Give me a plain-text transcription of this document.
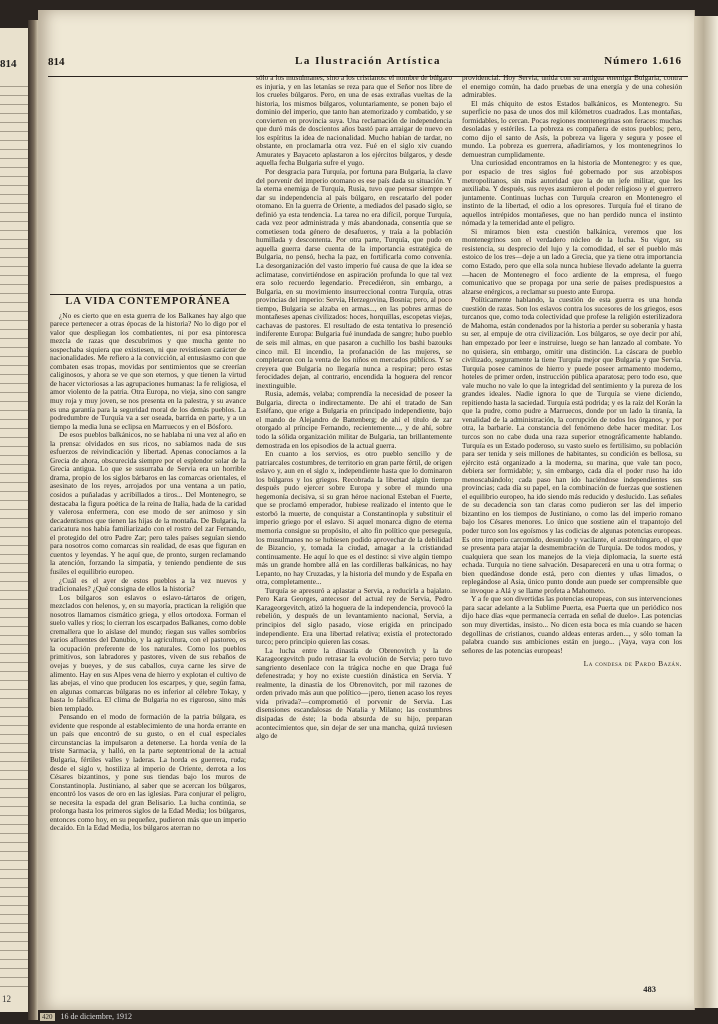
814
12
814	La Ilustración Artística	Número 1.616
LA VIDA CONTEMPORÁNEA

¿No es cierto que en esta guerra de los Balkanes hay algo que parece pertenecer a otras épocas de la historia? No lo digo por el valor que despliegan los combatientes, ni por esa pintoresca mezcla de razas que descubrimos y que mucha gente no sospechaba siquiera que existiesen, ni que revistiesen carácter de nacionalidades. Me refiero a la convicción, al entusiasmo con que combaten esas tropas, movidas por sentimientos que se creerían caliginosos, y ahora se ve que son eternos, y que tienen la virtud de hacer victoriosas a las agrupaciones humanas: la fe religiosa, el amor violento de la patria. Otra Europa, no vieja, sino con sangre muy roja y muy joven, se nos presenta en la palestra, y su avance es una garantía para la seguridad moral de los demás pueblos. La podredumbre de Turquía va a ser oseada, barrida en parte, y a un tiempo la media luna se eclipsa en Marruecos y en el Bósforo.

De esos pueblos balkánicos, no se hablaba ni una vez al año en la prensa: olvidados en sus ricos, no sabíamos nada de sus esfuerzos de reivindicación y libertad. Apenas conocíamos a la Grecia de ahora, obscurecida siempre por el esplendor solar de la Grecia antigua. Lo que se susurraba de Servia era un horrible drama, propio de los siglos bárbaros en las comarcas orientales, el asesinato de los reyes, arrojados por una ventana a un patio, cosidos a puñaladas y acribillados a tiros... Del Montenegro, se destacaba la figura poética de la reina de Italia, hada de la caridad y valerosa enfermera, con ese modo de ser animoso y sin decadentismos que tienen las hijas de la montaña. De Bulgaria, la caricatura nos había familiarizado con el rostro del zar Fernando, el protegido del otro Padre Zar; pero tales países seguían siendo para nosotros como comarcas sin realidad, de esas que figuran en cuentos y leyendas. Y he aquí que, de pronto, surgen reclamando la atención, forzando la simpatía, y teniendo pendiente de sus fusiles el equilibrio europeo.

¿Cuál es el ayer de estos pueblos a la vez nuevos y tradicionales? ¿Qué consigna de ellos la historia?

Los búlgaros son eslavos o eslavo-tártaros de origen, mezclados con helenos, y, en su mayoría, practican la religión que nosotros llamamos cismático griega, y ellos ortodoxa. Forman el suelo valles y ríos; lo cierran los escarpados Balkanes, como doble cremallera que lo aíslase del mundo; riegan sus valles sombríos varios afluentes del Danubio, y la agricultura, con el pastoreo, es la ocupación preferente de los naturales. Como los pueblos primitivos, son labradores y pastores, viven de sus rebaños de ovejas y bueyes, y de sus caballos, cuya carne les sirve de alimento. Hay en sus Alpes vena de hierro y explotan el cultivo de las abejas, el vino que producen los escarpes, y que, según fama, en algunas comarcas búlgaras no es inferior al célebre Tokay, y hasta lo falsifica. El clima de Bulgaria no es riguroso, sino más bien templado.

Pensando en el modo de formación de la patria búlgara, es evidente que responde al establecimiento de una horda errante en un país que encontró de su gusto, o en el cual especiales circunstancias la impulsaron a detenerse. La horda venía de la triste Sarmacia, y halló, en la parte septentrional de la actual Bulgaria, fértiles valles y laderas. La horda es guerrera, ruda; desde el siglo v, hostiliza al imperio de Oriente, derrota a los Césares bizantinos, y pone sus tiendas bajo los muros de Constantinopla. Justiniano, al saber que se acercan los búlgaros, encontró los vasos de oro en las iglesias. Para conjurar el peligro, se necesita la espada del gran Belisario. La lucha continúa, se prolonga hasta los primeros siglos de la Edad Media; los búlgaros, entonces como hoy, en su pequeñez, pudieron más que un imperio decaído. En la Edad Media, los búlgaros aterran no

sólo a los musulmanes, sino a los cristianos: el nombre de búlgaro es injuria, y en las letanías se reza para que el Señor nos libre de los crueles búlgaros. Pero, en una de esas extrañas vueltas de la historia, los mismos búlgaros, voluntariamente, se ponen bajo el dominio del imperio, que tanto han atemorizado y combatido, y se convierten en provincia suya. Una reclamación de independencia que duró más de doscientos años bastó para arraigar de nuevo en los espíritus la idea de nacionalidad. Mucho habían de tardar, no obstante, en proclamarla otra vez. Fué en el siglo xiv cuando Amurates y Bayaceto aplastaron a los ejércitos búlgaros, y desde aquella fecha Bulgaria sufre el yugo.

Por desgracia para Turquía, por fortuna para Bulgaria, la clave del porvenir del imperio otomano es ese país dada su situación. Y la eterna enemiga de Turquía, Rusia, tuvo que pensar siempre en dar su independencia al país búlgaro, en rescatarlo del poder otomano. En la guerra de Oriente, a mediados del pasado siglo, se definió ya esta tendencia. La tarea no era difícil, porque Turquía, cada vez peor administrada y más abandonada, consentía que se cometiesen toda género de desafueros, y traía a la población humillada y descontenta. Por otra parte, Turquía, que pudo en aquella guerra darse cuenta de la importancia estratégica de Bulgaria, no pensó, hecha la paz, en fortificarla como convenía. La desorganización del vasto imperio fué causa de que la idea se aclimatase, convirtiéndose en aspiración profunda lo que tal vez era solo recuerdo legendario. Precediéron, sin embargo, a Bulgaria, en su movimiento insurreccional contra Turquía, otras provincias del imperio: Servia, Herzegovina, Bosnia; pero, al poco tiempo, Bulgaria se alzaba en armas..., en las pobres armas de montañeses apenas civilizados: hoces, horquillas, escopetas viejas, cachavas de pastores. El resultado de esta tentativa lo presenció indiferente Europa: Bulgaria fué inundada de sangre; hubo pueblo de seis mil almas, en que pasaron a cuchillo los bashi bazouks cinco mil. El incendio, la profanación de las mujeres, se completaron con la venta de los niños en mercados públicos. Y se creyera que Bulgaria no llegaría nunca a respirar; pero estas ferocidades dejan, al contrario, encendida la hoguera del rencor inextinguible.

Rusia, además, velaba; comprendía la necesidad de poseer la Bulgaria, directa o indirectamente. De ahí el tratado de San Estéfano, que erige a Bulgaria en principado independiente, bajo el mando de Alejandro de Battenberg; de ahí el título de zar otorgado al príncipe Fernando, recientemente..., y de ahí, sobre todo la sólida organización militar de Bulgaria, tan brillantemente demostrada en los episodios de la actual guerra.

En cuanto a los servios, es otro pueblo sencillo y de patriarcales costumbres, de territorio en gran parte fértil, de origen eslavo y, aun en el siglo x, independiente hasta que lo dominaron los búlgaros y los griegos. Recobrada la libertad algún tiempo después pudo ejercer sobre Europa y sobre el mundo una hegemonía decisiva, si su gran héroe nacional Esteban el Fuerte, que se proclamó emperador, hubiese realizado el intento que le estorbó la muerte, de conquistar a Constantinopla y substituir el imperio griego por el eslavo. Si aquel monarca digno de eterna memoria consigue su propósito, el alto fin político que perseguía, los musulmanes no se hubiesen podido aprovechar de la debilidad de Bizancio, y, tomada la ciudad, amagar a la cristiandad continuamente. He aquí lo que es el destino: si vive algún tiempo más un grande hombre allá en las cordilleras balkánicas, no hay Lepanto, no hay Cruzadas, y la historia del mundo y de España en otra, completamente...

Turquía se apresuró a aplastar a Servia, a reducirla a bajalato. Pero Kara Georges, antecesor del actual rey de Servia, Pedro Karageorgevitch, atizó la hoguera de la independencia, provocó la rebelión, y después de un levantamiento nacional, Servia, a principios del siglo pasado, viose erigida en principado independiente. Era una libertad relativa; existía el protectorado turco; pero principio quieren las cosas.

La lucha entre la dinastía de Obrenovitch y la de Karageorgevitch pudo retrasar la evolución de Servia; pero tuvo sangriento desenlace con la trágica noche en que Draga fué defenestrada; y hoy no existe cuestión dinástica en Servia. Y realmente, la dinastía de los Obrenovitch, por mil razones de orden privado más aun que político—¡pero, tienen acaso los reyes vida privada?—comprometió el porvenir de Servia. Las disensiones escandalosas de Natalia y Milano; las costumbres disipadas de éste; la boda absurda de su hijo, preparan acontecimientos que, sin dejar de ser una mancha, quizá tuviesen algo de

providencial. Hoy Servia, unida con su antigua enemiga Bulgaria, contra el enemigo común, ha dado pruebas de una energía y de una cohesión admirables.

El más chiquito de estos Estados balkánicos, es Montenegro. Su superficie no pasa de unos dos mil kilómetros cuadrados. Las montañas, formidables, lo cercan. Pocas regiones montenegrinas son feraces: muchas desoladas y estériles. La pobreza es compañera de estos pueblos; pero, como dijo el santo de Asís, la pobreza va ligera y segura y posee el mundo. La pobreza es guerrera, añadiríamos, y los montenegrinos lo demuestran cumplidamente.

Una curiosidad encontramos en la historia de Montenegro: y es que, por espacio de tres siglos fué gobernado por sus arzobispos metropolitanos, sin más autoridad que la de un jefe militar, que les auxiliaba. Y después, sus reyes asumieron el poder religioso y el guerrero juntamente. Continuas luchas con Turquía crearon en Montenegro el instinto de la libertad, el odio a los opresores. Turquía fué el tirano de aquellos intrépidos montañeses, que no han perdido nunca el instinto nómada y la temeridad ante el peligro.

Si miramos bien esta cuestión balkánica, veremos que los montenegrinos son el verdadero núcleo de la lucha. Su vigor, su resistencia, su desprecio del lujo y la comodidad, el ser el pueblo más estoico de los tres—deje a un lado a Grecia, que ya tiene otra importancia como Estado, pero que ella sola nunca hubiese llevado adelante la guerra—hacen de Montenegro el foco ardiente de la empresa, el fuego comunicativo que se propaga por una serie de países predispuestos a alzarse enérgicos, a reclamar su puesto ante Europa.

Políticamente hablando, la cuestión de esta guerra es una honda cuestión de razas. Son los eslavos contra los sucesores de los griegos, esos turcanos que, como toda colectividad que profese la religión esterilizadora de Mahoma, están condenados por la historia a perder su soberanía y hasta su ser, al empuje de otra civilización. Los búlgaros, se oye decir por ahí, han empezado por leer e instruirse, luego se han lanzado al combate. Yo no quisiera, sin embargo, omitir una distinción. La cáscara de pueblo civilizado, seguramente la tiene Turquía mejor que Bulgaria y que Servia. Turquía posee caminos de hierro y puede poseer armamento moderno, hoteles de primer orden, instrucción pública aparatosa; pero todo eso, que vale mucho no vale lo que la integridad del sentimiento y la pureza de los grandes ideales. Nadie ignora lo que de Turquía se viene diciendo, repitiendo hasta la saciedad. Turquía está podrida; y es la raíz del Korán la que la pudre, como pudre a Marruecos, donde por un lado la tiranía, la venalidad de la administración, la corrupción de todos los órganos, y por otra, la barbarie. La constancia del fenómeno debe hacer meditar. Los turcos son no cabe duda una raza superior etnográficamente hablando. Turquía es un Estado poderoso, su vasto suelo es fertilísimo, su población para ser tenida y seis millones de habitantes, su condición es bellosa, su ejército está organizado a la moderna, su marina, que vale tan poco, debiera ser formidable; y, sin embargo, cada día el poder ruso ha ido menoscabándolo; cada paso han ido haciéndose independientes sus provincias; cada día su papel, en la combinación de fuerzas que sostienen el equilibrio europeo, ha ido siendo más reducido y deslucido. Las señales de su decadencia son tan claras como pudieron ser las del imperio bizantino en los tiempos de Justiniano, o como las del imperio romano bajo los Césares menores. Lo único que sostiene aún el trapantojo del poder turco son los egoísmos y las codicias de algunas potencias europeas. Es otro imperio carcomido, desunido y vacilante, el austrohúngaro, el que se presenta para atajar la desmembración de Turquía. De todos modos, y cualquiera que sean los manejos de la vieja diplomacia, la suerte está echada. Turquía no tiene salvación. Desaparecerá en una u otra forma; o bien quedándose donde está, pero con dientes y uñas limados, o replegándose al Asia, único punto donde aun puede ser comprensible que se invoque a Alá y se llame profeta a Mahometo.

Y a fe que son divertidas las potencias europeas, con sus intervenciones para sacar adelante a la Sublime Puerta, esa Puerta que un periódico nos dijo hace días «que permanecía cerrada en señal de duelo». Las potencias son muy divertidas, insisto... No dicen esta boca es mía cuando se hacen degollinas de cristianos, cuando aldeas enteras arden..., y sólo toman la palabra cuando sus ambiciones están en juego... ¡Vaya, vaya con los señores de las potencias europeas!

La condesa de Pardo Bazán.
483
420 16 de diciembre, 1912
